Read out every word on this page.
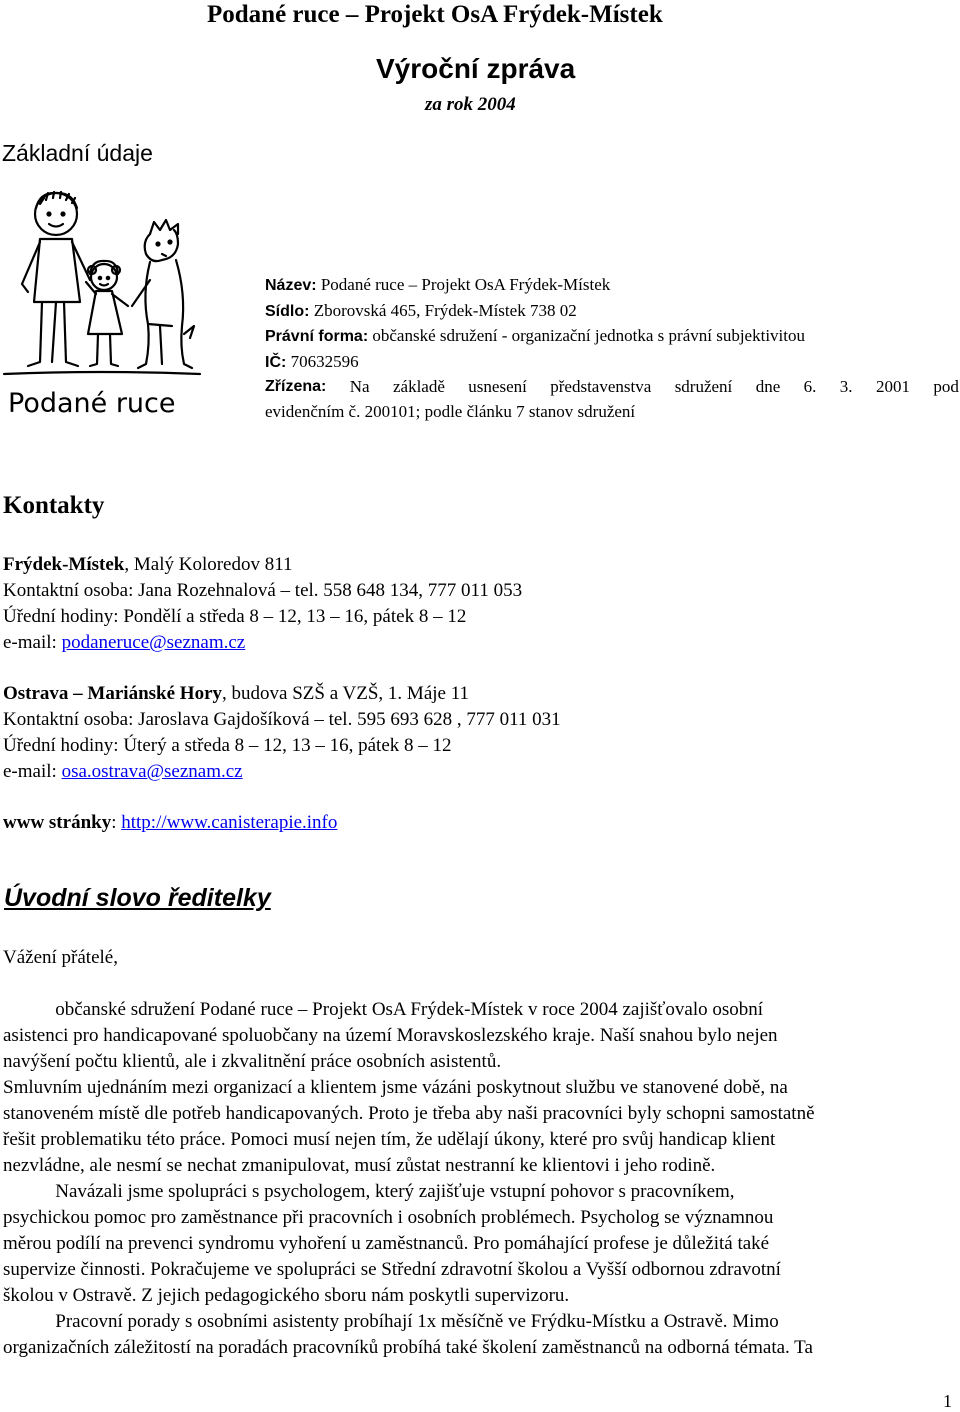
Podané ruce – Projekt OsA Frýdek-Místek
Výroční zpráva
za rok 2004
Základní údaje
Podané ruce
Název: Podané ruce – Projekt OsA Frýdek-Místek
Sídlo: Zborovská 465, Frýdek-Místek 738 02
Právní forma: občanské sdružení - organizační jednotka s právní subjektivitou
IČ: 70632596
Zřízena: Na základě usnesení představenstva sdružení dne 6. 3. 2001 pod
evidenčním č. 200101; podle článku 7 stanov sdružení
Kontakty
Frýdek-Místek, Malý Koloredov 811
Kontaktní osoba: Jana Rozehnalová – tel. 558 648 134, 777 011 053
Úřední hodiny: Pondělí a středa 8 – 12, 13 – 16, pátek 8 – 12
e-mail: podaneruce@seznam.cz
Ostrava – Mariánské Hory, budova SZŠ a VZŠ, 1. Máje 11
Kontaktní osoba: Jaroslava Gajdošíková – tel. 595 693 628 , 777 011 031
Úřední hodiny: Úterý a středa 8 – 12, 13 – 16, pátek 8 – 12
e-mail: osa.ostrava@seznam.cz
www stránky: http://www.canisterapie.info
Úvodní slovo ředitelky
Vážení přátelé,
občanské sdružení Podané ruce – Projekt OsA Frýdek-Místek v roce 2004 zajišťovalo osobní
asistenci pro handicapované spoluobčany na území Moravskoslezského kraje. Naší snahou bylo nejen
navýšení počtu klientů, ale i zkvalitnění práce osobních asistentů.
Smluvním ujednáním mezi organizací a klientem jsme vázáni poskytnout službu ve stanovené době, na
stanoveném místě dle potřeb handicapovaných. Proto je třeba aby naši pracovníci byly schopni samostatně
řešit problematiku této práce. Pomoci musí nejen tím, že udělají úkony, které pro svůj handicap klient
nezvládne, ale nesmí se nechat zmanipulovat, musí zůstat nestranní ke klientovi i jeho rodině.
Navázali jsme spolupráci s psychologem, který zajišťuje vstupní pohovor s pracovníkem,
psychickou pomoc pro zaměstnance při pracovních i osobních problémech. Psycholog se významnou
měrou podílí na prevenci syndromu vyhoření u zaměstnanců. Pro pomáhající profese je důležitá také
supervize činnosti. Pokračujeme ve spolupráci se Střední zdravotní školou a Vyšší odbornou zdravotní
školou v Ostravě. Z jejich pedagogického sboru nám poskytli supervizoru.
Pracovní porady s osobními asistenty probíhají 1x měsíčně ve Frýdku-Místku a Ostravě. Mimo
organizačních záležitostí na poradách pracovníků probíhá také školení zaměstnanců na odborná témata. Ta
1
